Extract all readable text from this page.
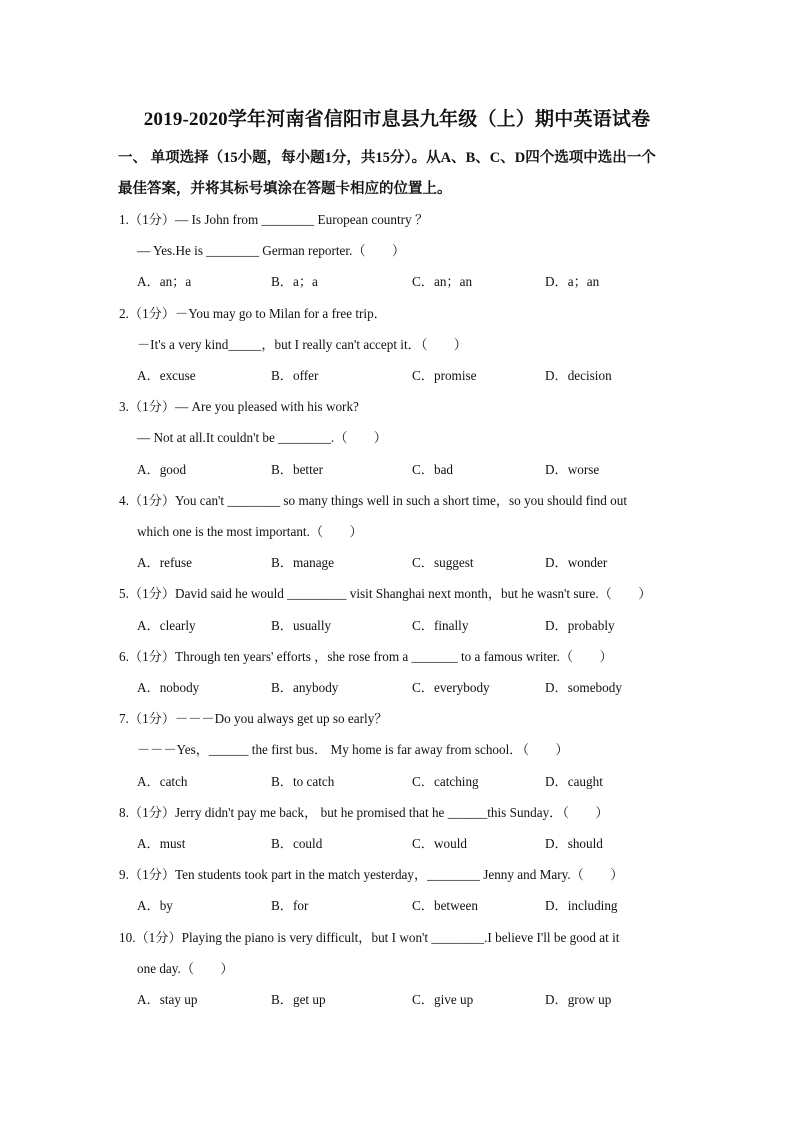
2019-2020学年河南省信阳市息县九年级（上）期中英语试卷
一、 单项选择（15小题，每小题1分，共15分）。从A、B、C、D四个选项中选出一个
最佳答案，并将其标号填涂在答题卡相应的位置上。
1.（1分）— Is John from ________ European country ？
— Yes.He is ________ German reporter.（　　）
A．an；a	B．a；a	C．an；an	D．a；an
2.（1分）－You may go to Milan for a free trip．
－It's a very kind_____，but I really can't accept it．（　　）
A．excuse	B．offer	C．promise	D．decision
3.（1分）— Are you pleased with his work?
— Not at all.It couldn't be ________.（　　）
A．good	B．better	C．bad	D．worse
4.（1分）You can't ________ so many things well in such a short time，so you should find out
which one is the most important.（　　）
A．refuse	B．manage	C．suggest	D．wonder
5.（1分）David said he would _________ visit Shanghai next month，but he wasn't sure.（　　）
A．clearly	B．usually	C．finally	D．probably
6.（1分）Through ten years' efforts ，she rose from a _______ to a famous writer.（　　）
A．nobody	B．anybody	C．everybody	D．somebody
7.（1分）－－－Do you always get up so early？
－－－Yes，______ the first bus． My home is far away from school．（　　）
A．catch	B．to catch	C．catching	D．caught
8.（1分）Jerry didn't pay me back， but he promised that he ______this Sunday．（　　）
A．must	B．could	C．would	D．should
9.（1分）Ten students took part in the match yesterday，________ Jenny and Mary.（　　）
A．by	B．for	C．between	D．including
10.（1分）Playing the piano is very difficult，but I won't ________.I believe I'll be good at it
one day.（　　）
A．stay up	B．get up	C．give up	D．grow up
